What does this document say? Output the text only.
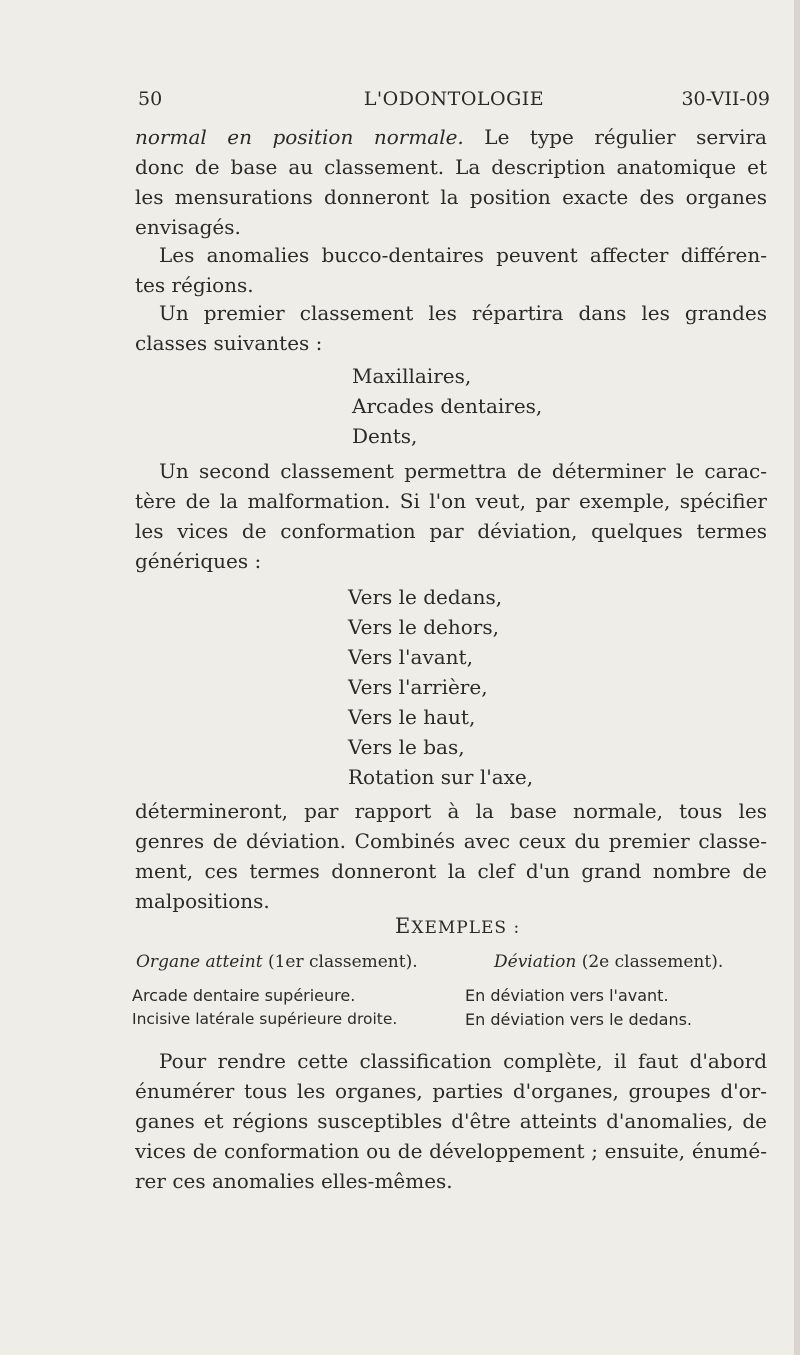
50	L'ODONTOLOGIE	30-VII-09

normal en position normale. Le type régulier servira
donc de base au classement. La description anatomique et
les mensurations donneront la position exacte des organes
envisagés.

Les anomalies bucco-dentaires peuvent affecter différen-
tes régions.

Un premier classement les répartira dans les grandes
classes suivantes :

Maxillaires,
Arcades dentaires,
Dents,

Un second classement permettra de déterminer le carac-
tère de la malformation. Si l'on veut, par exemple, spécifier
les vices de conformation par déviation, quelques termes
génériques :

Vers le dedans,
Vers le dehors,
Vers l'avant,
Vers l'arrière,
Vers le haut,
Vers le bas,
Rotation sur l'axe,

détermineront, par rapport à la base normale, tous les
genres de déviation. Combinés avec ceux du premier classe-
ment, ces termes donneront la clef d'un grand nombre de
malpositions.

EXEMPLES :
Organe atteint (1er classement).	Déviation (2e classement).
Arcade dentaire supérieure.	En déviation vers l'avant.
Incisive latérale supérieure droite.	En déviation vers le dedans.

Pour rendre cette classification complète, il faut d'abord
énumérer tous les organes, parties d'organes, groupes d'or-
ganes et régions susceptibles d'être atteints d'anomalies, de
vices de conformation ou de développement ; ensuite, énumé-
rer ces anomalies elles-mêmes.
